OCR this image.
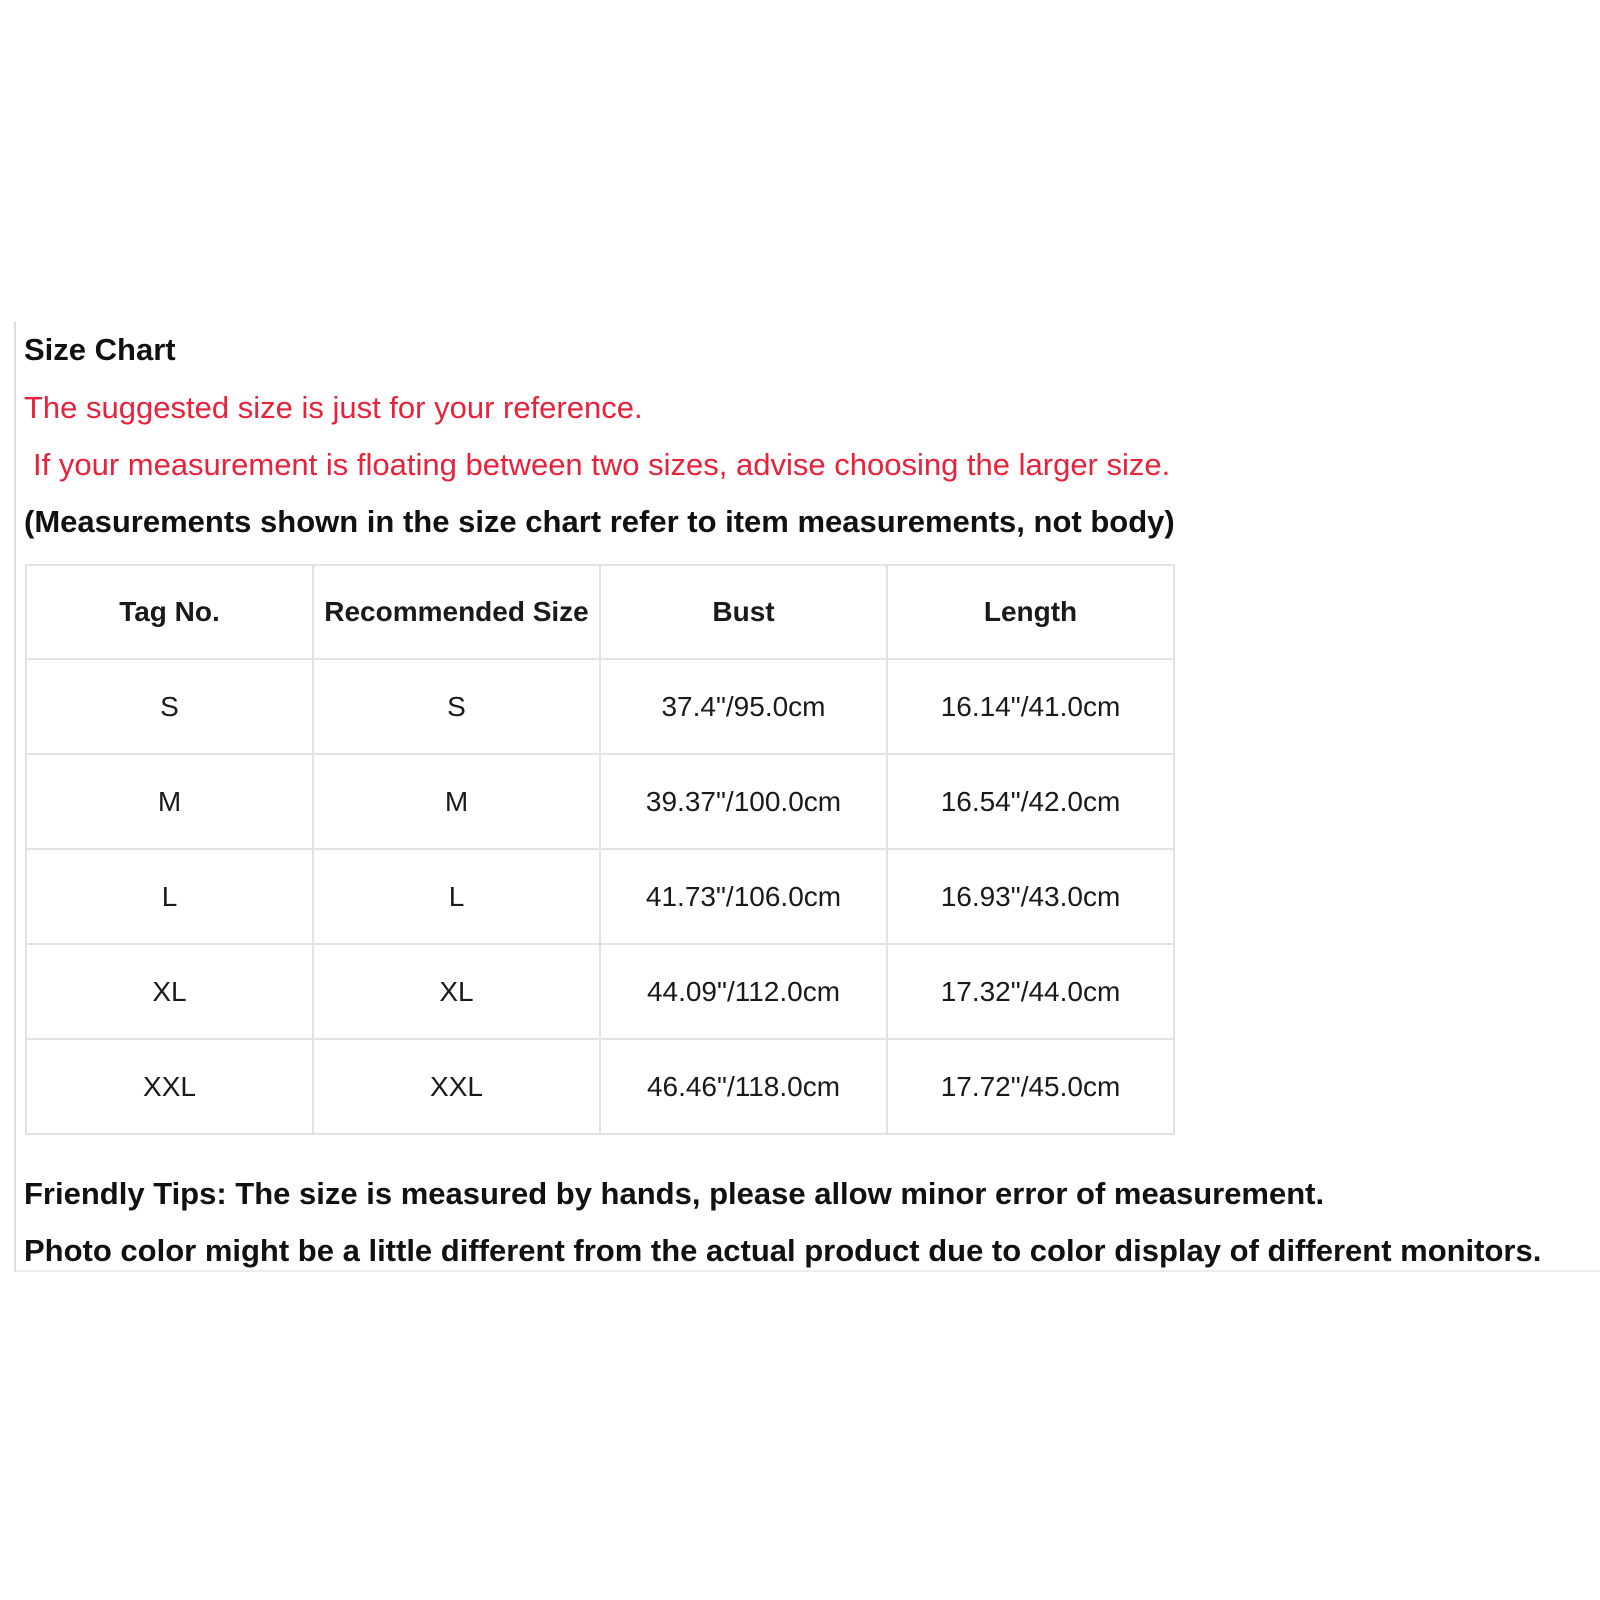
Size Chart
The suggested size is just for your reference.
If your measurement is floating between two sizes, advise choosing the larger size.
(Measurements shown in the size chart refer to item measurements, not body)
Tag No.	Recommended Size	Bust	Length
S	S	37.4"/95.0cm	16.14"/41.0cm
M	M	39.37"/100.0cm	16.54"/42.0cm
L	L	41.73"/106.0cm	16.93"/43.0cm
XL	XL	44.09"/112.0cm	17.32"/44.0cm
XXL	XXL	46.46"/118.0cm	17.72"/45.0cm
Friendly Tips: The size is measured by hands, please allow minor error of measurement.
Photo color might be a little different from the actual product due to color display of different monitors.
